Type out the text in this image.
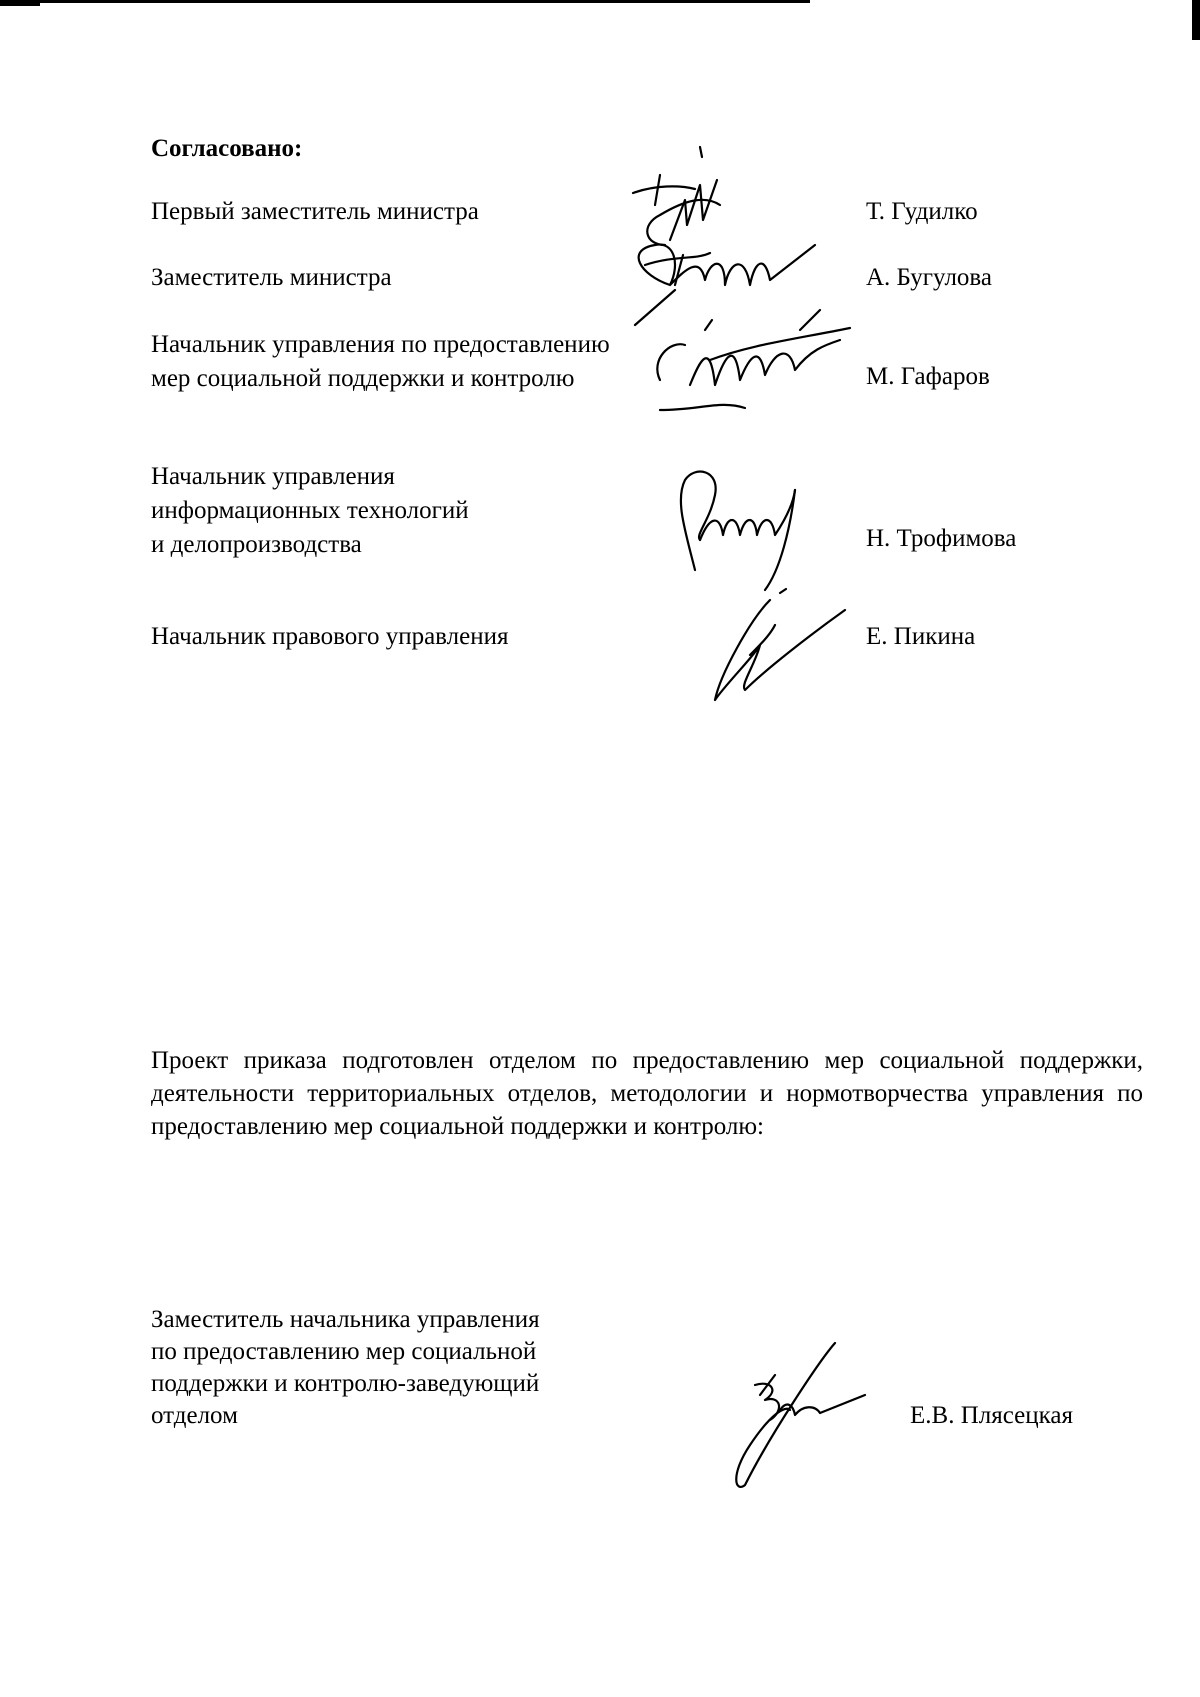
Согласовано:

Первый заместитель министра	Т. Гудилко

Заместитель министра	А. Бугулова

Начальник управления по предоставлению
мер социальной поддержки и контролю	М. Гафаров

Начальник управления
информационных технологий
и делопроизводства	Н. Трофимова

Начальник правового управления	Е. Пикина

Проект приказа подготовлен отделом по предоставлению мер социальной поддержки, деятельности территориальных отделов, методологии и нормотворчества управления по предоставлению мер социальной поддержки и контролю:

Заместитель начальника управления
по предоставлению мер социальной
поддержки и контролю-заведующий
отделом	Е.В. Плясецкая
